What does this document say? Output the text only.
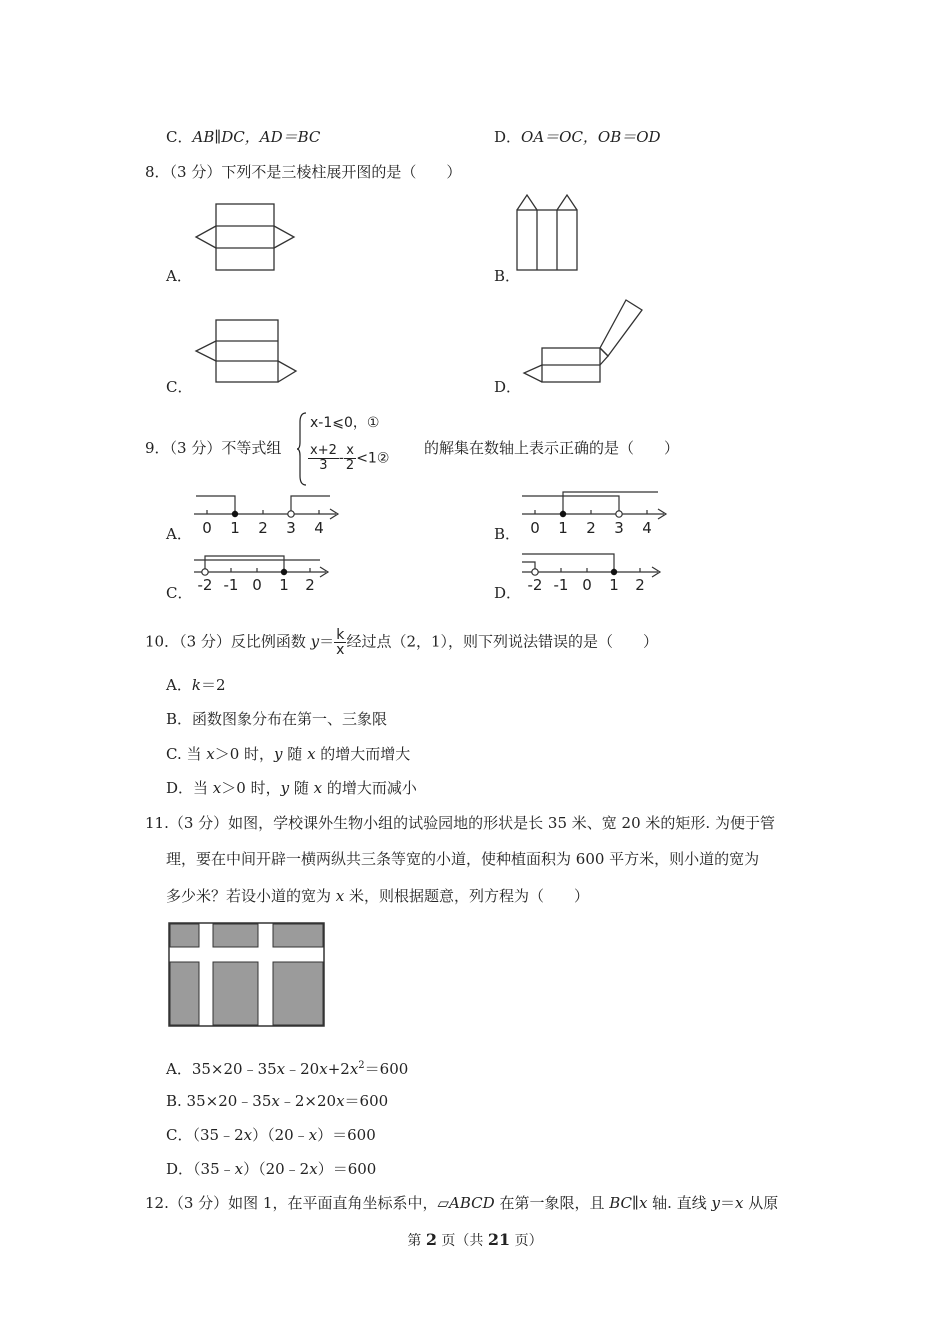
C．AB∥DC，AD＝BC	D．OA＝OC，OB＝OD
8．（3 分）下列不是三棱柱展开图的是（　　）
A．	B．
C．	D．
9．（3 分）不等式组
x-1⩽0，①
$\frac{x+2}{3} - \frac{x}{2}$ <1②
的解集在数轴上表示正确的是（　　）
A． 0 1 2 3 4	B． 0 1 2 3 4
C． -2 -1 0 1 2	D． -2 -1 0 1 2
10．（3 分）反比例函数 $y= \frac{k}{x}$ 经过点（2，1），则下列说法错误的是（　　）
A．k＝2
B．函数图象分布在第一、三象限
C. 当 x＞0 时，y 随 x 的增大而增大
D．当 x＞0 时，y 随 x 的增大而减小
11.（3 分）如图，学校课外生物小组的试验园地的形状是长 35 米、宽 20 米的矩形. 为便于管
理，要在中间开辟一横两纵共三条等宽的小道，使种植面积为 600 平方米，则小道的宽为
多少米？若设小道的宽为 x 米，则根据题意，列方程为（　　）
A．$35\times 20﹣35x﹣20x+2x^2=600$
B. 35×20﹣35x﹣2×20x＝600
C．（35﹣2x）（20﹣x）＝600
D．（35﹣x）（20﹣2x）＝600
12.（3 分）如图 1，在平面直角坐标系中，▱ABCD 在第一象限，且 BC∥x 轴. 直线 y＝x 从原
第 2 页（共 21 页）
